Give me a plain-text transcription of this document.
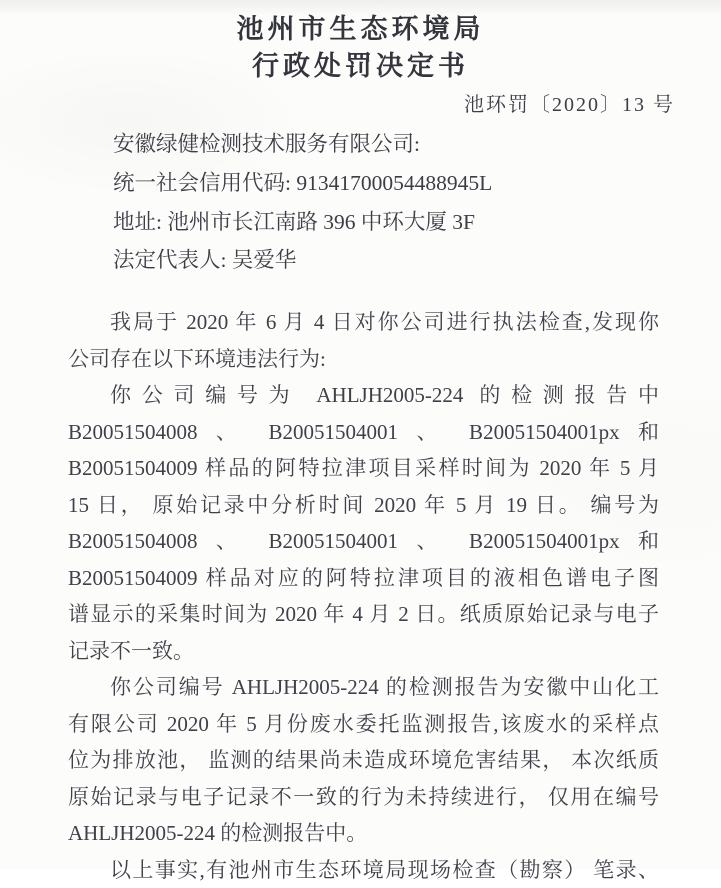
池州市生态环境局
行政处罚决定书
池环罚〔2020〕13 号
安徽绿健检测技术服务有限公司:
统一社会信用代码: 91341700054488945L
地址: 池州市长江南路 396 中环大厦 3F
法定代表人: 吴爱华
我局于 2020 年 6 月 4 日对你公司进行执法检查,发现你
公司存在以下环境违法行为:
你公司编号为 AHLJH2005-224 的检测报告中
B20051504008 、 B20051504001 、 B20051504001px 和
B20051504009 样品的阿特拉津项目采样时间为 2020 年 5 月
15 日， 原始记录中分析时间 2020 年 5 月 19 日。 编号为
B20051504008 、 B20051504001 、 B20051504001px 和
B20051504009 样品对应的阿特拉津项目的液相色谱电子图
谱显示的采集时间为 2020 年 4 月 2 日。纸质原始记录与电子
记录不一致。
你公司编号 AHLJH2005-224 的检测报告为安徽中山化工
有限公司 2020 年 5 月份废水委托监测报告,该废水的采样点
位为排放池， 监测的结果尚未造成环境危害结果， 本次纸质
原始记录与电子记录不一致的行为未持续进行， 仅用在编号
AHLJH2005-224 的检测报告中。
以上事实,有池州市生态环境局现场检查（勘察） 笔录、
